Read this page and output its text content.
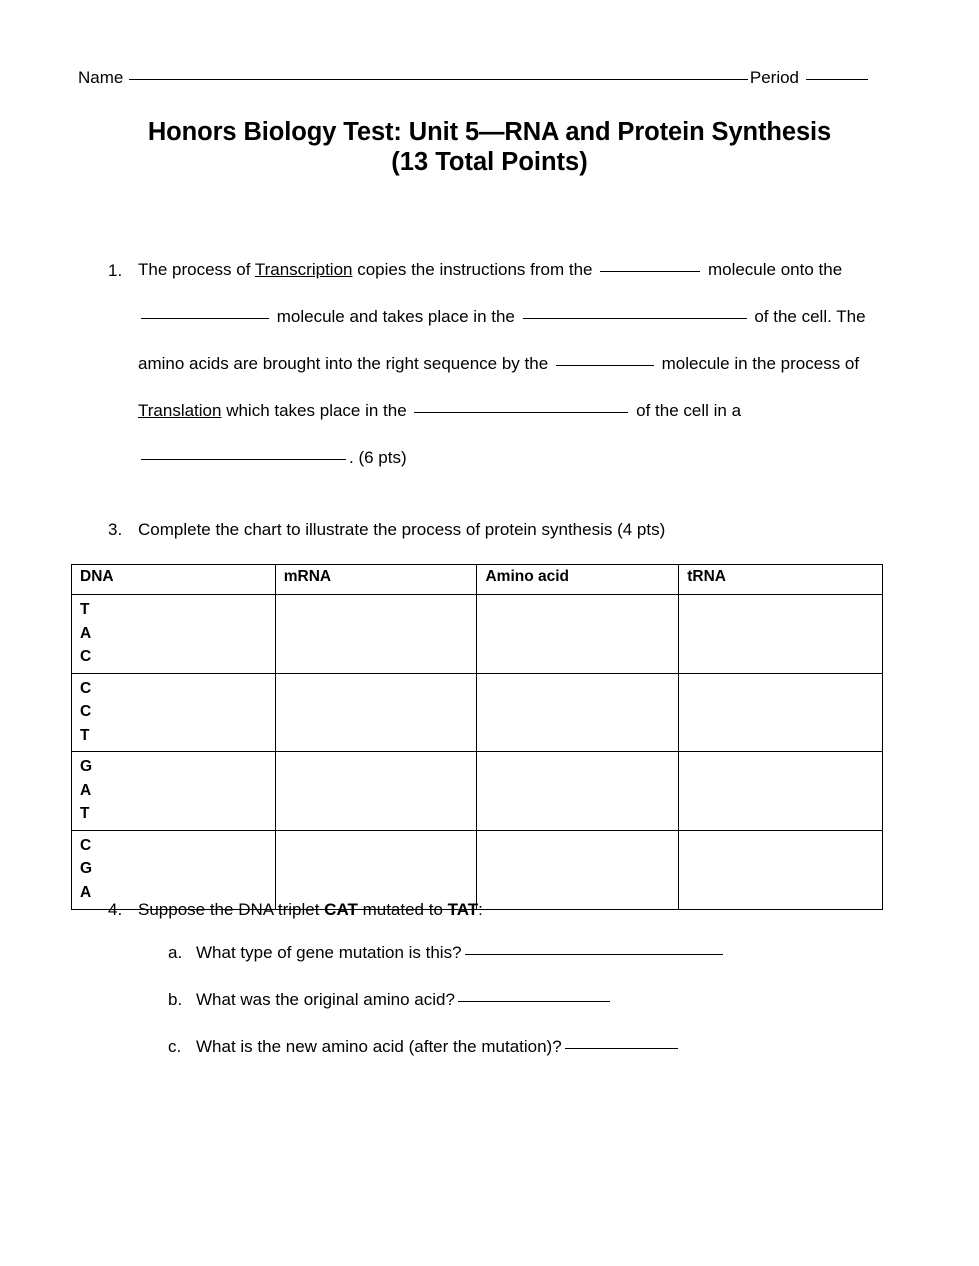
Name	Period
Honors Biology Test: Unit 5—RNA and Protein Synthesis
(13 Total Points)
1. The process of Transcription copies the instructions from the	molecule onto the
molecule and takes place in the	of the cell. The
amino acids are brought into the right sequence by the	molecule in the process of
Translation which takes place in the	of the cell in a
. (6 pts)
3. Complete the chart to illustrate the process of protein synthesis (4 pts)
DNA	mRNA	Amino acid	tRNA

T
A
C			

C
C
T			

G
A
T			

C
G
A			

4. Suppose the DNA triplet CAT mutated to TAT:
a. What type of gene mutation is this?
b. What was the original amino acid?
c. What is the new amino acid (after the mutation)?
